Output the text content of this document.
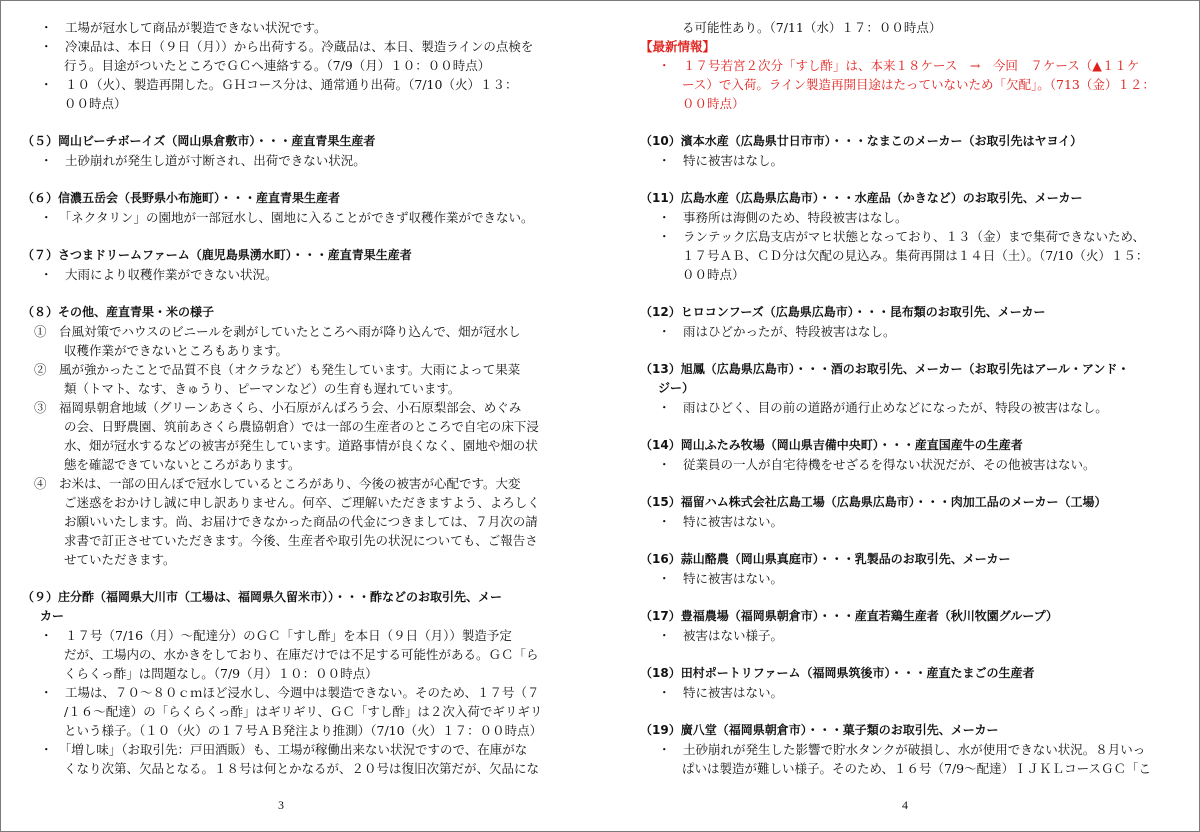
・　工場が冠水して商品が製造できない状況です。
・　冷凍品は、本日（９日（月））から出荷する。冷蔵品は、本日、製造ラインの点検を
行う。目途がついたところでＧＣへ連絡する。（7/9（月）１０：００時点）
・　１０（火）、製造再開した。ＧＨコース分は、通常通り出荷。（7/10（火）１３：
００時点）
（５）岡山ビーチボーイズ（岡山県倉敷市）・・・産直青果生産者
・　土砂崩れが発生し道が寸断され、出荷できない状況。
（６）信濃五岳会（長野県小布施町）・・・産直青果生産者
・　「ネクタリン」の園地が一部冠水し、園地に入ることができず収穫作業ができない。
（７）さつまドリームファーム（鹿児島県湧水町）・・・産直青果生産者
・　大雨により収穫作業ができない状況。
（８）その他、産直青果・米の様子
①　台風対策でハウスのビニールを剥がしていたところへ雨が降り込んで、畑が冠水し
収穫作業ができないところもあります。
②　風が強かったことで品質不良（オクラなど）も発生しています。大雨によって果菜
類（トマト、なす、きゅうり、ピーマンなど）の生育も遅れています。
③　福岡県朝倉地域（グリーンあさくら、小石原がんばろう会、小石原梨部会、めぐみ
の会、日野農園、筑前あさくら農協朝倉）では一部の生産者のところで自宅の床下浸
水、畑が冠水するなどの被害が発生しています。道路事情が良くなく、園地や畑の状
態を確認できていないところがあります。
④　お米は、一部の田んぼで冠水しているところがあり、今後の被害が心配です。大変
ご迷惑をおかけし誠に申し訳ありません。何卒、ご理解いただきますよう、よろしく
お願いいたします。尚、お届けできなかった商品の代金につきましては、７月次の請
求書で訂正させていただきます。今後、生産者や取引先の状況についても、ご報告さ
せていただきます。
（９）庄分酢（福岡県大川市（工場は、福岡県久留米市））・・・酢などのお取引先、メー
カー
・　１７号（7/16（月）～配達分）のＧＣ「すし酢」を本日（９日（月））製造予定
だが、工場内の、水かきをしており、在庫だけでは不足する可能性がある。ＧＣ「ら
くらくっ酢」は問題なし。（7/9（月）１０：００時点）
・　工場は、７０～８０ｃｍほど浸水し、今週中は製造できない。そのため、１７号（７
/１６～配達）の「らくらくっ酢」はギリギリ、ＧＣ「すし酢」は２次入荷でギリギリ
という様子。（１０（火）の１７号ＡＢ発注より推測）（7/10（火）１７：００時点）
・　「増し味」（お取引先：戸田酒販）も、工場が稼働出来ない状況ですので、在庫がな
くなり次第、欠品となる。１８号は何とかなるが、２０号は復旧次第だが、欠品にな
3
る可能性あり。（7/11（水）１７：００時点）
【最新情報】
・　１７号若宮２次分「すし酢」は、本来１８ケース　→　今回　７ケース（▲１１ケ
ース）で入荷。ライン製造再開目途はたっていないため「欠配」。（713（金）１２：
００時点）
（10）濱本水産（広島県廿日市市）・・・なまこのメーカー（お取引先はヤヨイ）
・　特に被害はなし。
（11）広島水産（広島県広島市）・・・水産品（かきなど）のお取引先、メーカー
・　事務所は海側のため、特段被害はなし。
・　ランテック広島支店がマヒ状態となっており、１３（金）まで集荷できないため、
１７号ＡＢ、ＣＤ分は欠配の見込み。集荷再開は１４日（土）。（7/10（火）１５：
００時点）
（12）ヒロコンフーズ（広島県広島市）・・・昆布類のお取引先、メーカー
・　雨はひどかったが、特段被害はなし。
（13）旭鳳（広島県広島市）・・・酒のお取引先、メーカー（お取引先はアール・アンド・
ジー）
・　雨はひどく、目の前の道路が通行止めなどになったが、特段の被害はなし。
（14）岡山ふたみ牧場（岡山県吉備中央町）・・・産直国産牛の生産者
・　従業員の一人が自宅待機をせざるを得ない状況だが、その他被害はない。
（15）福留ハム株式会社広島工場（広島県広島市）・・・肉加工品のメーカー（工場）
・　特に被害はない。
（16）蒜山酪農（岡山県真庭市）・・・乳製品のお取引先、メーカー
・　特に被害はない。
（17）豊福農場（福岡県朝倉市）・・・産直若鶏生産者（秋川牧園グループ）
・　被害はない様子。
（18）田村ポートリファーム（福岡県筑後市）・・・産直たまごの生産者
・　特に被害はない。
（19）廣八堂（福岡県朝倉市）・・・菓子類のお取引先、メーカー
・　土砂崩れが発生した影響で貯水タンクが破損し、水が使用できない状況。８月いっ
ぱいは製造が難しい様子。そのため、１６号（7/9～配達）ＩＪＫＬコースＧＣ「こ
4
